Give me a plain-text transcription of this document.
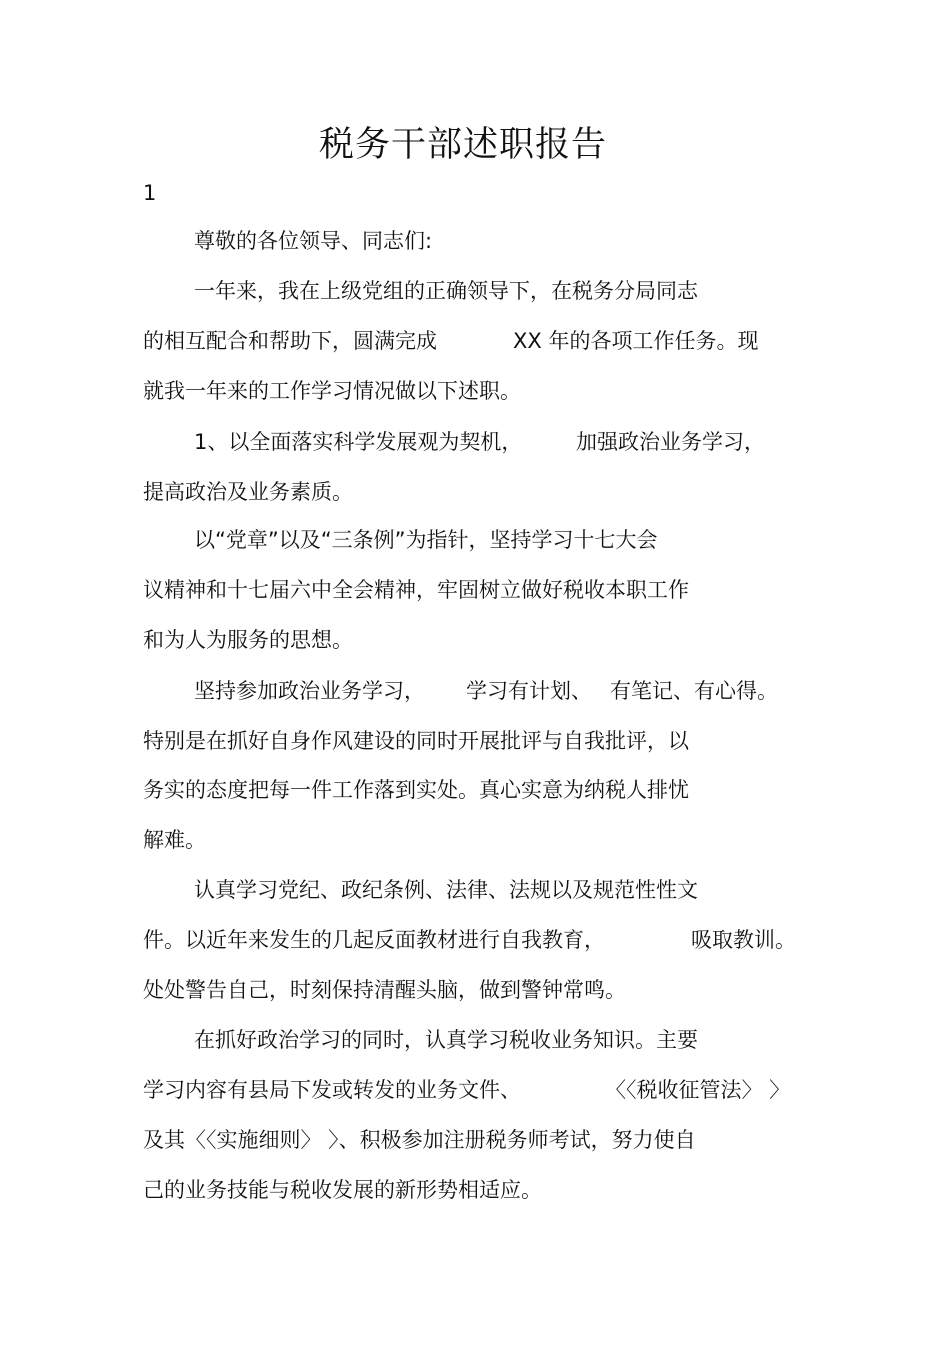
税务干部述职报告
1
尊敬的各位领导、同志们:
一年来，我在上级党组的正确领导下，在税务分局同志

的相互配合和帮助下，圆满完成

	XX 年的各项工作任务。现

就我一年来的工作学习情况做以下述职。

1、以全面落实科学发展观为契机，

	加强政治业务学习，

提高政治及业务素质。
以“党章”以及“三条例”为指针，坚持学习十七大会
议精神和十七届六中全会精神，牢固树立做好税收本职工作
和为人为服务的思想。

坚持参加政治业务学习，

学习有计划、

有笔记、有心得。

特别是在抓好自身作风建设的同时开展批评与自我批评，以
务实的态度把每一件工作落到实处。真心实意为纳税人排忧
解难。
认真学习党纪、政纪条例、法律、法规以及规范性性文

件。以近年来发生的几起反面教材进行自我教育，

	吸取教训。

处处警告自己，时刻保持清醒头脑，做到警钟常鸣。
在抓好政治学习的同时，认真学习税收业务知识。主要

学习内容有县局下发或转发的业务文件、

	〈〈税收征管法〉 〉

及其〈〈实施细则〉 〉、积极参加注册税务师考试，努力使自
己的业务技能与税收发展的新形势相适应。
